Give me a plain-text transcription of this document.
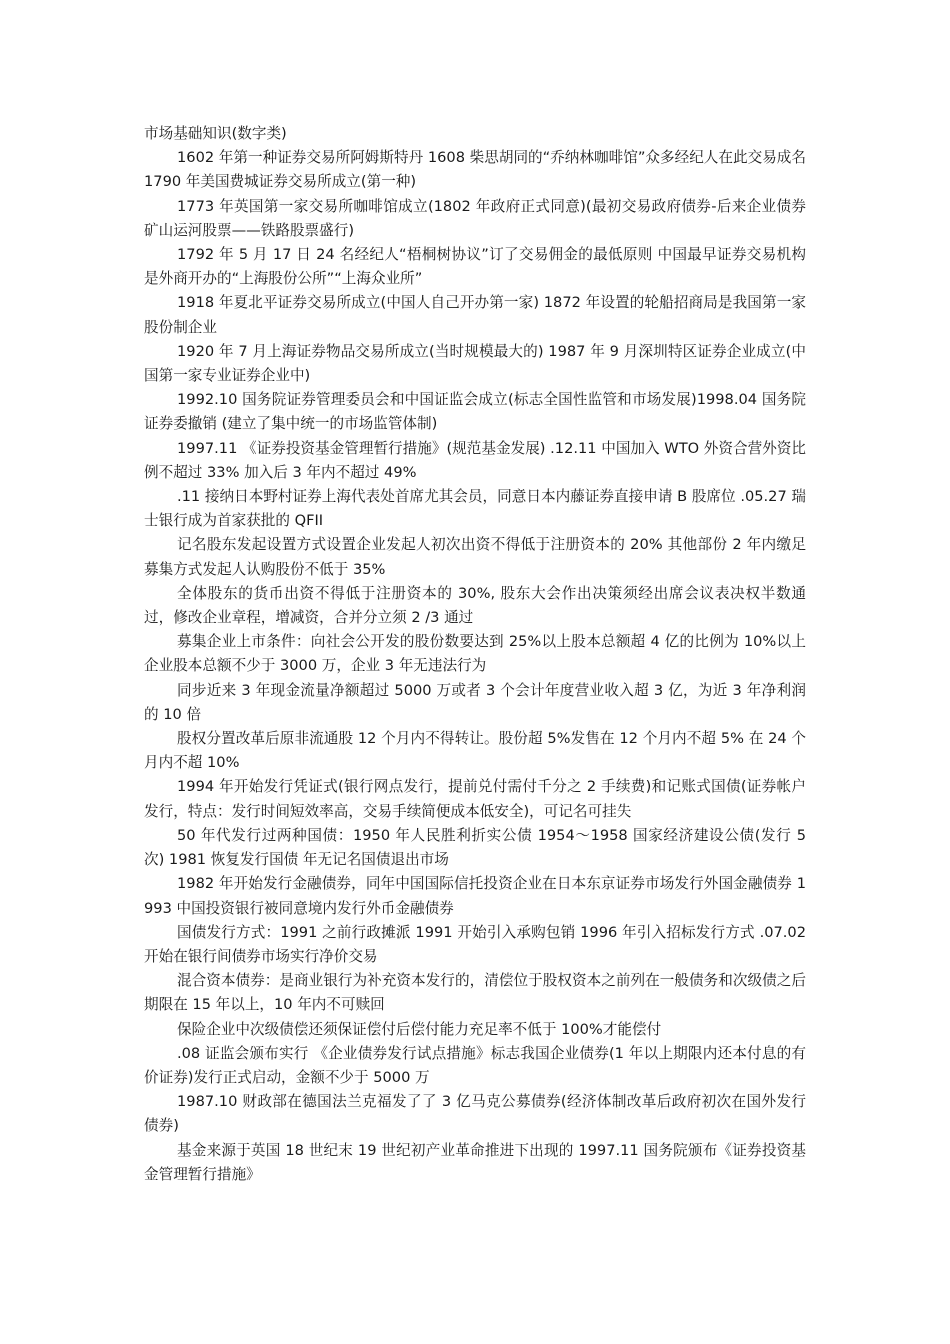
市场基础知识(数字类)

1602 年第一种证券交易所阿姆斯特丹 1608 柴思胡同的“乔纳林咖啡馆”众多经纪人在此交易成名 1790 年美国费城证券交易所成立(第一种)

1773 年英国第一家交易所咖啡馆成立(1802 年政府正式同意)(最初交易政府债券-后来企业债券矿山运河股票——铁路股票盛行)

1792 年 5 月 17 日 24 名经纪人“梧桐树协议”订了交易佣金的最低原则 中国最早证券交易机构是外商开办的“上海股份公所”“上海众业所”

1918 年夏北平证券交易所成立(中国人自己开办第一家) 1872 年设置的轮船招商局是我国第一家股份制企业

1920 年 7 月上海证券物品交易所成立(当时规模最大的) 1987 年 9 月深圳特区证券企业成立(中国第一家专业证券企业中)

1992.10 国务院证券管理委员会和中国证监会成立(标志全国性监管和市场发展)1998.04 国务院证券委撤销 (建立了集中统一的市场监管体制)

1997.11 《证券投资基金管理暂行措施》(规范基金发展) .12.11 中国加入 WTO 外资合营外资比例不超过 33% 加入后 3 年内不超过 49%

.11 接纳日本野村证券上海代表处首席尤其会员，同意日本内藤证券直接申请 B 股席位 .05.27 瑞士银行成为首家获批的 QFII

记名股东发起设置方式设置企业发起人初次出资不得低于注册资本的 20% 其他部份 2 年内缴足 募集方式发起人认购股份不低于 35%

全体股东的货币出资不得低于注册资本的 30%, 股东大会作出决策须经出席会议表决权半数通过，修改企业章程，增减资，合并分立须 2 /3 通过

募集企业上市条件：向社会公开发的股份数要达到 25%以上股本总额超 4 亿的比例为 10%以上企业股本总额不少于 3000 万，企业 3 年无违法行为

同步近来 3 年现金流量净额超过 5000 万或者 3 个会计年度营业收入超 3 亿，为近 3 年净利润的 10 倍

股权分置改革后原非流通股 12 个月内不得转让。股份超 5%发售在 12 个月内不超 5% 在 24 个月内不超 10%

1994 年开始发行凭证式(银行网点发行，提前兑付需付千分之 2 手续费)和记账式国债(证券帐户发行，特点：发行时间短效率高，交易手续简便成本低安全)，可记名可挂失

50 年代发行过两种国债：1950 年人民胜利折实公债 1954～1958 国家经济建设公债(发行 5 次) 1981 恢复发行国债 年无记名国债退出市场

1982 年开始发行金融债券，同年中国国际信托投资企业在日本东京证券市场发行外国金融债券 1993 中国投资银行被同意境内发行外币金融债券

国债发行方式：1991 之前行政摊派 1991 开始引入承购包销 1996 年引入招标发行方式 .07.02 开始在银行间债券市场实行净价交易

混合资本债券：是商业银行为补充资本发行的，清偿位于股权资本之前列在一般债务和次级债之后 期限在 15 年以上，10 年内不可赎回

保险企业中次级债偿还须保证偿付后偿付能力充足率不低于 100%才能偿付

.08 证监会颁布实行 《企业债券发行试点措施》标志我国企业债券(1 年以上期限内还本付息的有价证券)发行正式启动，金额不少于 5000 万

1987.10 财政部在德国法兰克福发了了 3 亿马克公募债券(经济体制改革后政府初次在国外发行债券)

基金来源于英国 18 世纪末 19 世纪初产业革命推进下出现的 1997.11 国务院颁布《证券投资基金管理暂行措施》
